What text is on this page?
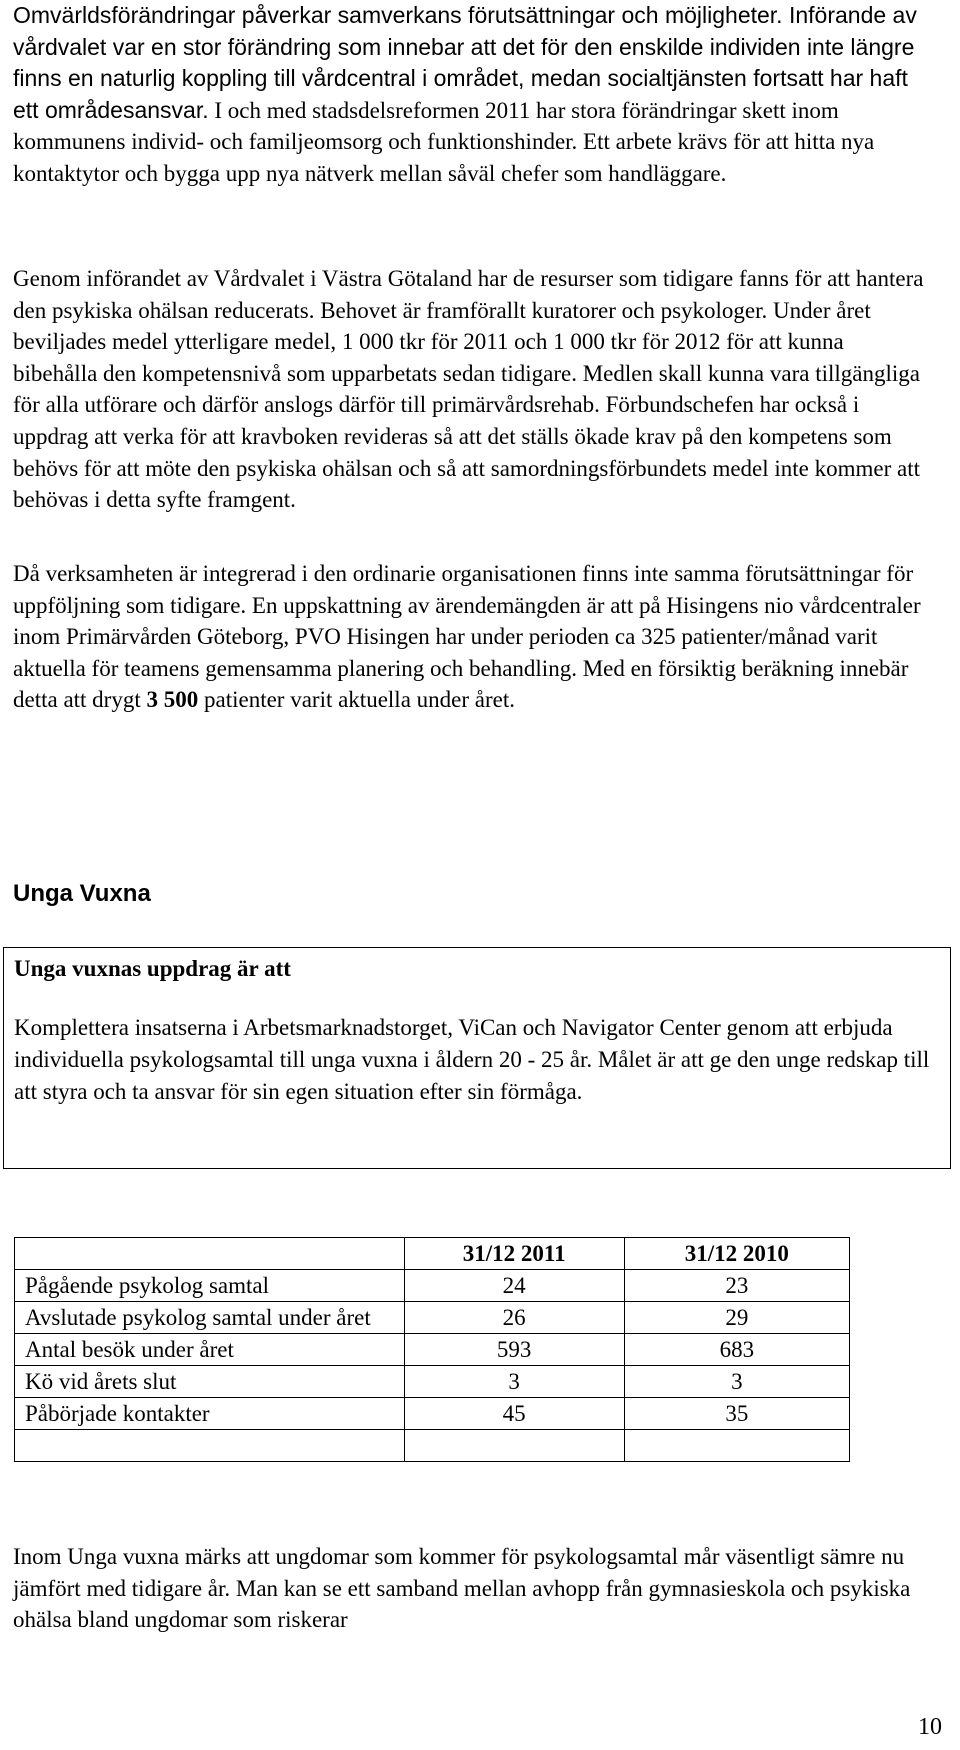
Omvärldsförändringar påverkar samverkans förutsättningar och möjligheter. Införande av vårdvalet var en stor förändring som innebar att det för den enskilde individen inte längre finns en naturlig koppling till vårdcentral i området, medan socialtjänsten fortsatt har haft ett områdesansvar. I och med stadsdelsreformen 2011 har stora förändringar skett inom kommunens individ- och familjeomsorg och funktionshinder. Ett arbete krävs för att hitta nya kontaktytor och bygga upp nya nätverk mellan såväl chefer som handläggare.

Genom införandet av Vårdvalet i Västra Götaland har de resurser som tidigare fanns för att hantera den psykiska ohälsan reducerats. Behovet är framförallt kuratorer och psykologer. Under året beviljades medel ytterligare medel, 1 000 tkr för 2011 och 1 000 tkr för 2012 för att kunna bibehålla den kompetensnivå som upparbetats sedan tidigare. Medlen skall kunna vara tillgängliga för alla utförare och därför anslogs därför till primärvårdsrehab. Förbundschefen har också i uppdrag att verka för att kravboken revideras så att det ställs ökade krav på den kompetens som behövs för att möte den psykiska ohälsan och så att samordningsförbundets medel inte kommer att behövas i detta syfte framgent.

Då verksamheten är integrerad i den ordinarie organisationen finns inte samma förutsättningar för uppföljning som tidigare. En uppskattning av ärendemängden är att på Hisingens nio vårdcentraler inom Primärvården Göteborg, PVO Hisingen har under perioden ca 325 patienter/månad varit aktuella för teamens gemensamma planering och behandling. Med en försiktig beräkning innebär detta att drygt 3 500 patienter varit aktuella under året.

Unga Vuxna

Unga vuxnas uppdrag är att

Komplettera insatserna i Arbetsmarknadstorget, ViCan och Navigator Center genom att erbjuda individuella psykologsamtal till unga vuxna i åldern 20 - 25 år. Målet är att ge den unge redskap till att styra och ta ansvar för sin egen situation efter sin förmåga.

	31/12 2011	31/12 2010
Pågående psykolog samtal	24	23
Avslutade psykolog samtal under året	26	29
Antal besök under året	593	683
Kö vid årets slut	3	3
Påbörjade kontakter	45	35

Inom Unga vuxna märks att ungdomar som kommer för psykologsamtal mår väsentligt sämre nu jämfört med tidigare år. Man kan se ett samband mellan avhopp från gymnasieskola och psykiska ohälsa bland ungdomar som riskerar

10
